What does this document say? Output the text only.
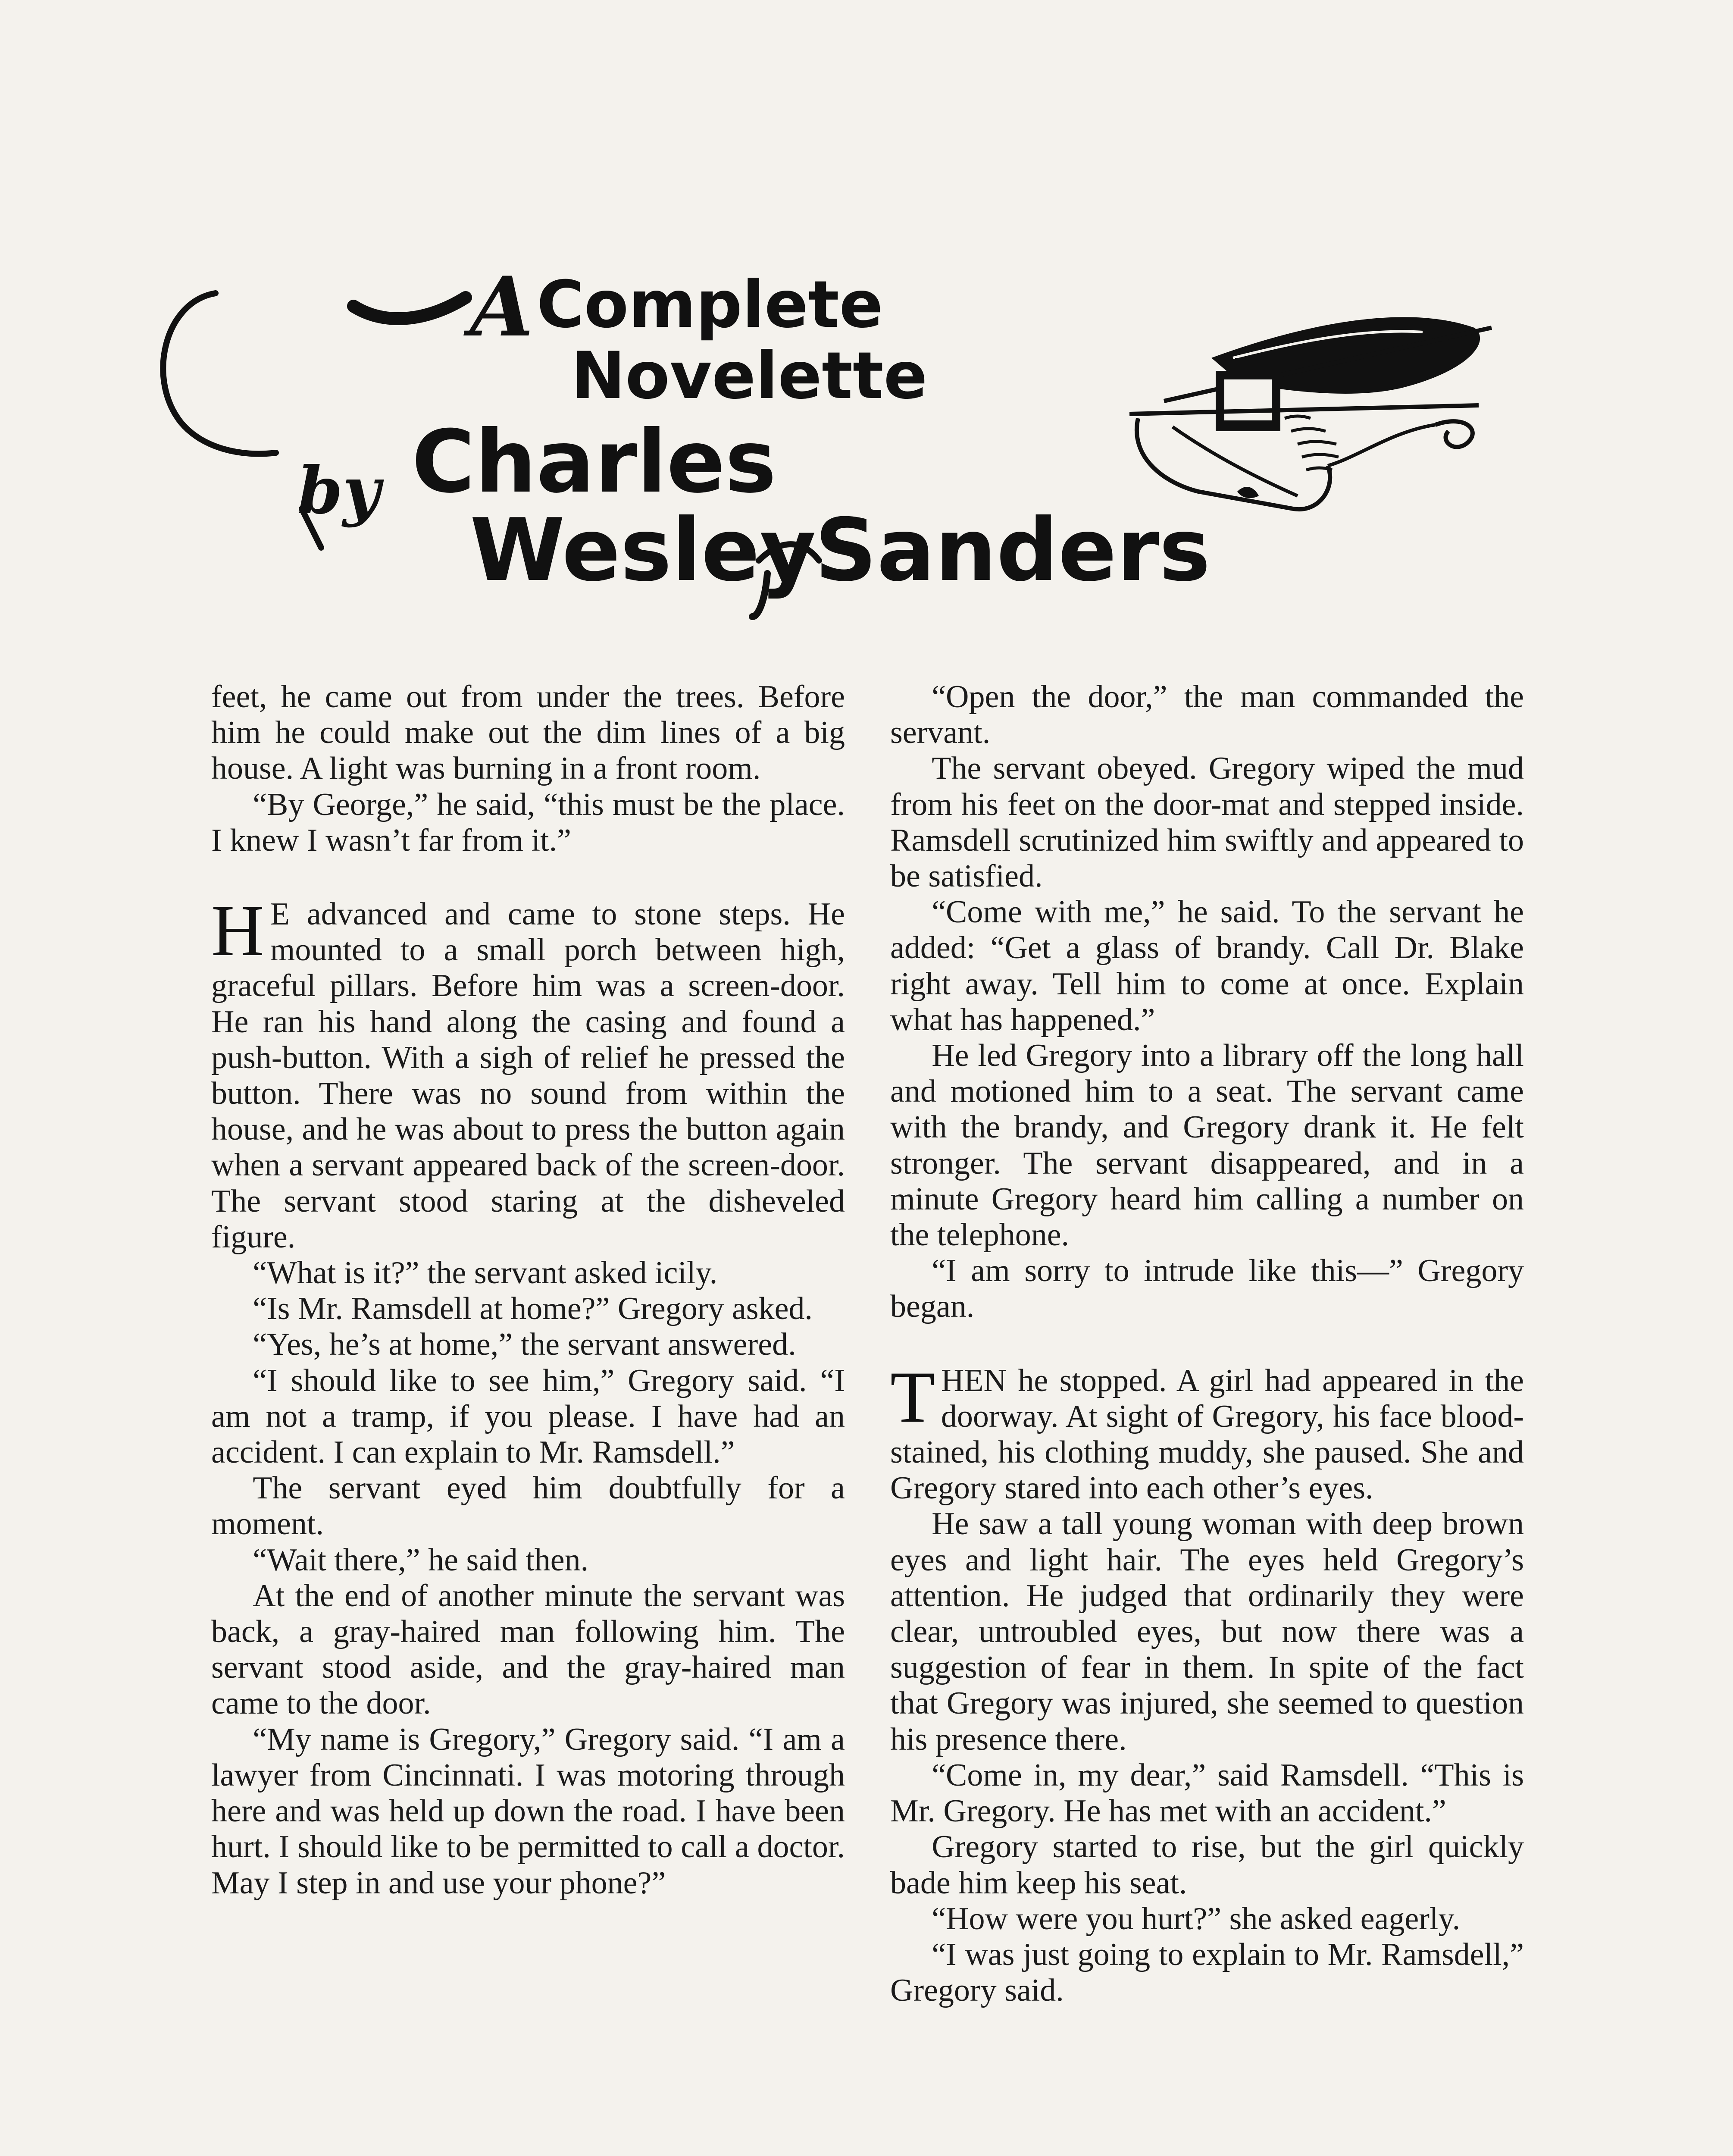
A Complete
Novelette
by Charles
Wesley
Sanders

feet, he came out from under the trees. Before him he could make out the dim lines of a big house. A light was burning in a front room.

“By George,” he said, “this must be the place. I knew I wasn’t far from it.”

H E advanced and came to stone steps. He mounted to a small porch between high, graceful pillars. Before him was a screen-door. He ran his hand along the casing and found a push-button. With a sigh of relief he pressed the button. There was no sound from within the house, and he was about to press the button again when a servant appeared back of the screen-door. The servant stood staring at the disheveled figure.

“What is it?” the servant asked icily.

“Is Mr. Ramsdell at home?” Gregory asked.

“Yes, he’s at home,” the servant answered.

“I should like to see him,” Gregory said. “I am not a tramp, if you please. I have had an accident. I can explain to Mr. Ramsdell.”

The servant eyed him doubtfully for a moment.

“Wait there,” he said then.

At the end of another minute the servant was back, a gray-haired man following him. The servant stood aside, and the gray-haired man came to the door.

“My name is Gregory,” Gregory said. “I am a lawyer from Cincinnati. I was motoring through here and was held up down the road. I have been hurt. I should like to be permitted to call a doctor. May I step in and use your phone?”

“Open the door,” the man commanded the servant.

The servant obeyed. Gregory wiped the mud from his feet on the door-mat and stepped inside. Ramsdell scrutinized him swiftly and appeared to be satisfied.

“Come with me,” he said. To the servant he added: “Get a glass of brandy. Call Dr. Blake right away. Tell him to come at once. Explain what has happened.”

He led Gregory into a library off the long hall and motioned him to a seat. The servant came with the brandy, and Gregory drank it. He felt stronger. The servant disappeared, and in a minute Gregory heard him calling a number on the telephone.

“I am sorry to intrude like this—” Gregory began.

THEN he stopped. A girl had appeared in the doorway. At sight of Gregory, his face blood-stained, his clothing muddy, she paused. She and Gregory stared into each other’s eyes.

He saw a tall young woman with deep brown eyes and light hair. The eyes held Gregory’s attention. He judged that ordinarily they were clear, untroubled eyes, but now there was a suggestion of fear in them. In spite of the fact that Gregory was injured, she seemed to question his presence there.

“Come in, my dear,” said Ramsdell. “This is Mr. Gregory. He has met with an accident.”

Gregory started to rise, but the girl quickly bade him keep his seat.

“How were you hurt?” she asked eagerly.

“I was just going to explain to Mr. Ramsdell,” Gregory said.
